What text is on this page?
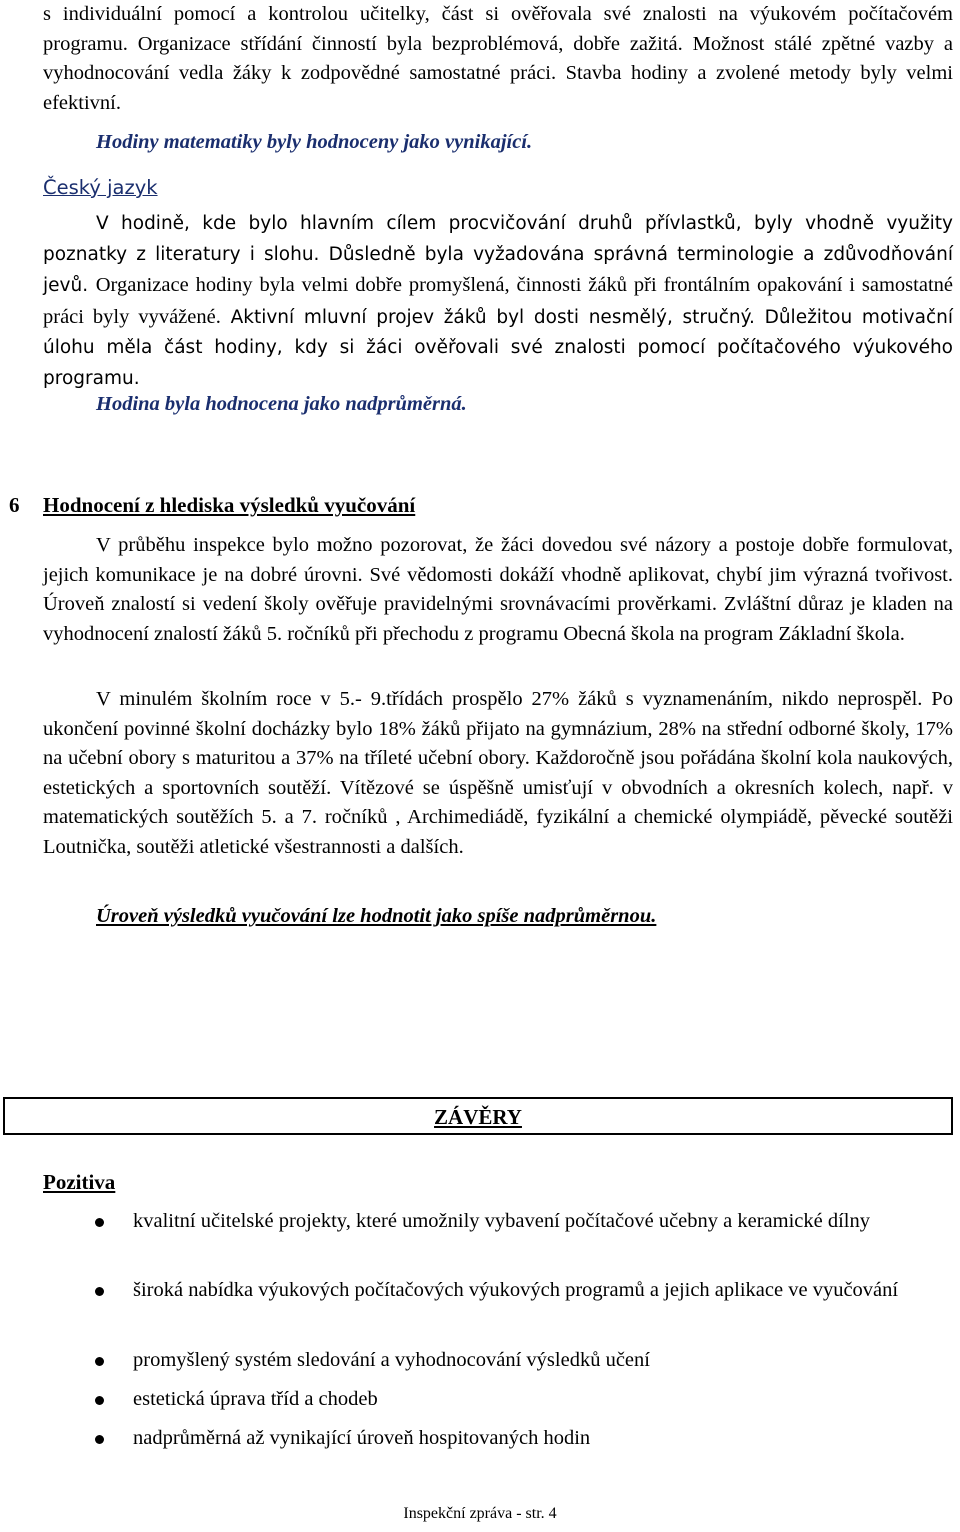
s individuální pomocí a kontrolou učitelky, část si ověřovala své znalosti na výukovém počítačovém programu. Organizace střídání činností byla bezproblémová, dobře zažitá. Možnost stálé zpětné vazby a vyhodnocování vedla žáky k zodpovědné samostatné práci. Stavba hodiny a zvolené metody byly velmi efektivní.
Hodiny matematiky byly hodnoceny jako vynikající.
Český jazyk
V hodině, kde bylo hlavním cílem procvičování druhů přívlastků, byly vhodně využity poznatky z literatury i slohu. Důsledně byla vyžadována správná terminologie a zdůvodňování jevů. Organizace hodiny byla velmi dobře promyšlená, činnosti žáků při frontálním opakování i samostatné práci byly vyvážené. Aktivní mluvní projev žáků byl dosti nesmělý, stručný. Důležitou motivační úlohu měla část hodiny, kdy si žáci ověřovali své znalosti pomocí počítačového výukového programu.
Hodina byla hodnocena jako nadprůměrná.
6 Hodnocení z hlediska výsledků vyučování
V průběhu inspekce bylo možno pozorovat, že žáci dovedou své názory a postoje dobře formulovat, jejich komunikace je na dobré úrovni. Své vědomosti dokáží vhodně aplikovat, chybí jim výrazná tvořivost. Úroveň znalostí si vedení školy ověřuje pravidelnými srovnávacími prověrkami. Zvláštní důraz je kladen na vyhodnocení znalostí žáků 5. ročníků při přechodu z programu Obecná škola na program Základní škola.
V minulém školním roce v 5.- 9.třídách prospělo 27% žáků s vyznamenáním, nikdo neprospěl. Po ukončení povinné školní docházky bylo 18% žáků přijato na gymnázium, 28% na střední odborné školy, 17% na učební obory s maturitou a 37% na tříleté učební obory. Každoročně jsou pořádána školní kola naukových, estetických a sportovních soutěží. Vítězové se úspěšně umisťují v obvodních a okresních kolech, např. v matematických soutěžích 5. a 7. ročníků , Archimediádě, fyzikální a chemické olympiádě, pěvecké soutěži Loutnička, soutěži atletické všestrannosti a dalších.
Úroveň výsledků vyučování lze hodnotit jako spíše nadprůměrnou.
ZÁVĚRY
Pozitiva
kvalitní učitelské projekty, které umožnily vybavení počítačové učebny a keramické dílny
široká nabídka výukových počítačových výukových programů a jejich aplikace ve vyučování
promyšlený systém sledování a vyhodnocování výsledků učení
estetická úprava tříd a chodeb
nadprůměrná až vynikající úroveň hospitovaných hodin
Inspekční zpráva - str. 4
